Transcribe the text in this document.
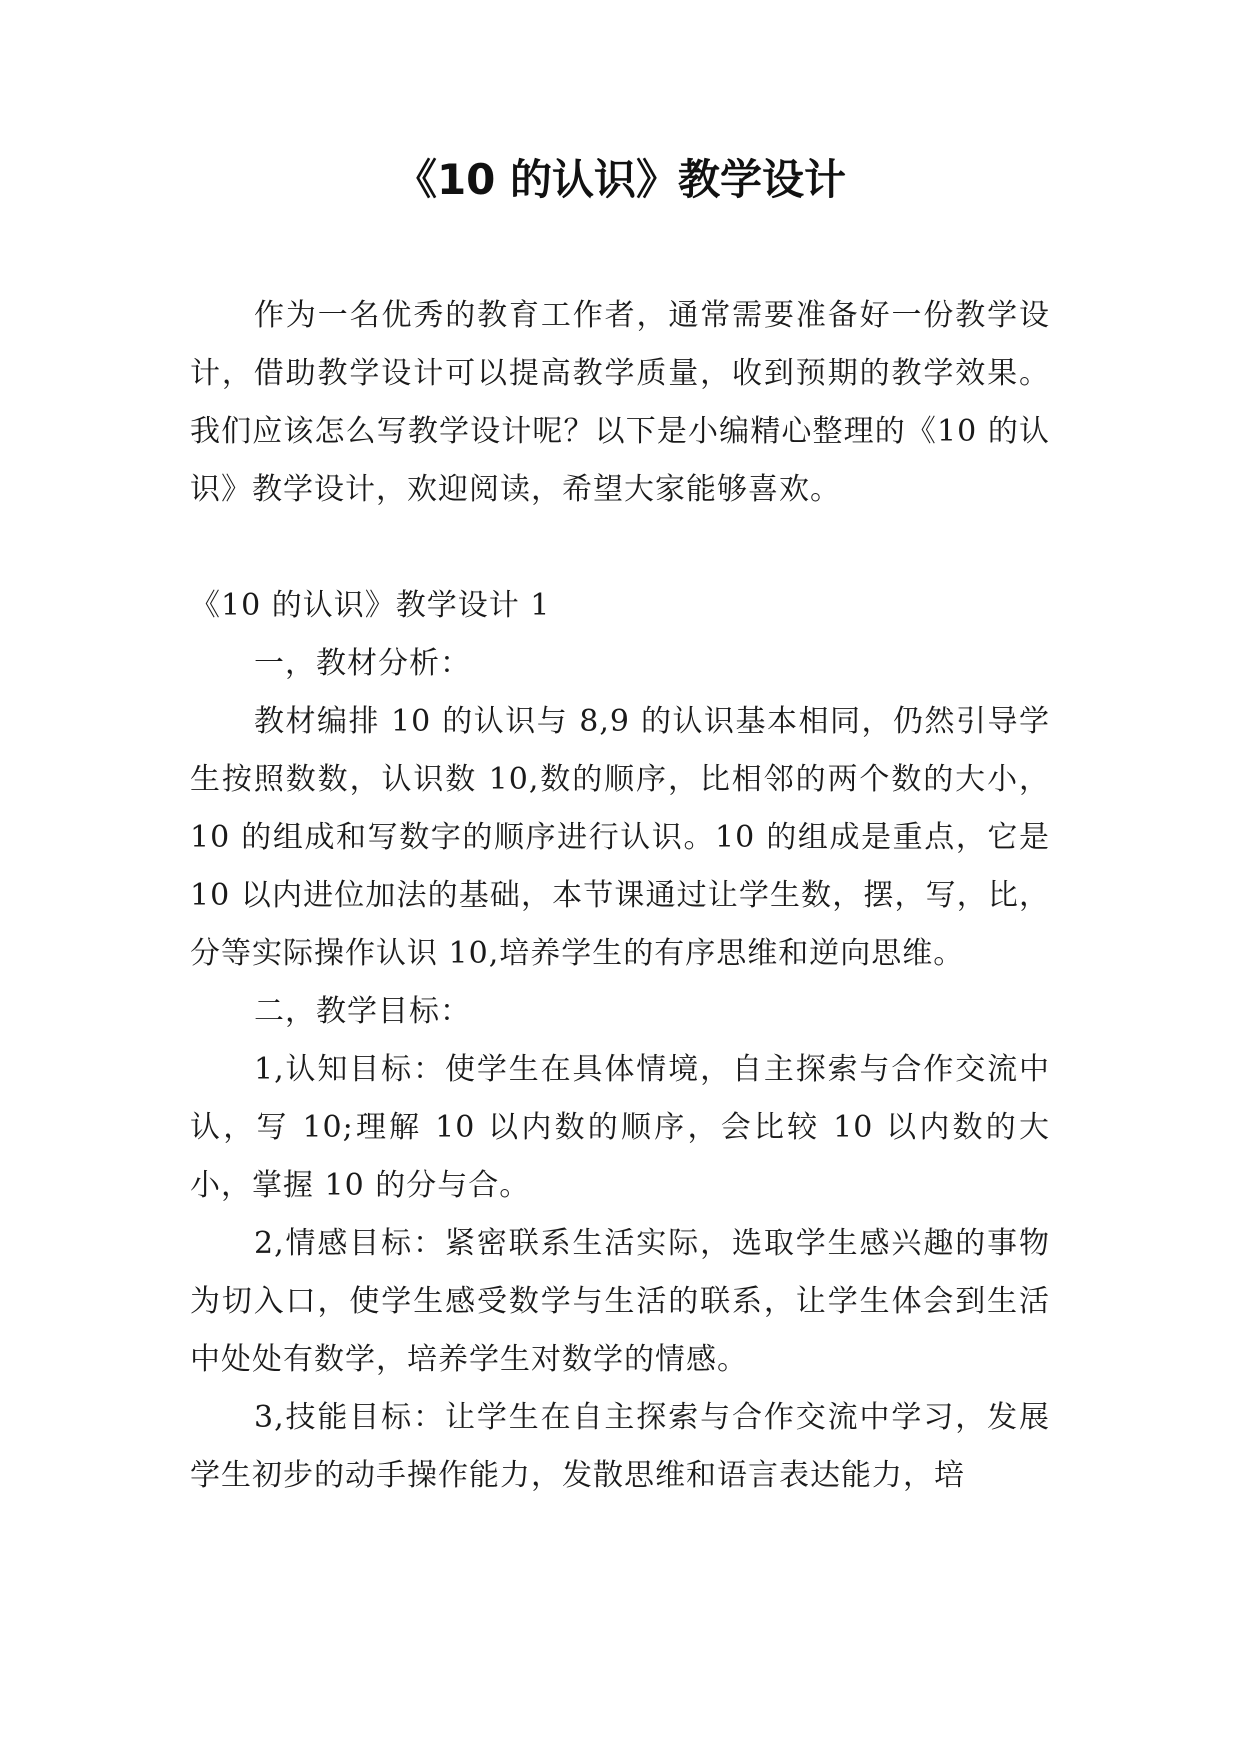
《10 的认识》教学设计

作为一名优秀的教育工作者，通常需要准备好一份教学设计，借助教学设计可以提高教学质量，收到预期的教学效果。我们应该怎么写教学设计呢？以下是小编精心整理的《10 的认识》教学设计，欢迎阅读，希望大家能够喜欢。

《10 的认识》教学设计 1

一，教材分析：

教材编排 10 的认识与 8,9 的认识基本相同，仍然引导学生按照数数，认识数 10,数的顺序，比相邻的两个数的大小，10 的组成和写数字的顺序进行认识。10 的组成是重点，它是 10 以内进位加法的基础，本节课通过让学生数，摆，写，比，分等实际操作认识 10,培养学生的有序思维和逆向思维。

二，教学目标：

1,认知目标：使学生在具体情境，自主探索与合作交流中认，写 10;理解 10 以内数的顺序，会比较 10 以内数的大小，掌握 10 的分与合。

2,情感目标：紧密联系生活实际，选取学生感兴趣的事物为切入口，使学生感受数学与生活的联系，让学生体会到生活中处处有数学，培养学生对数学的情感。

3,技能目标：让学生在自主探索与合作交流中学习，发展学生初步的动手操作能力，发散思维和语言表达能力，培
